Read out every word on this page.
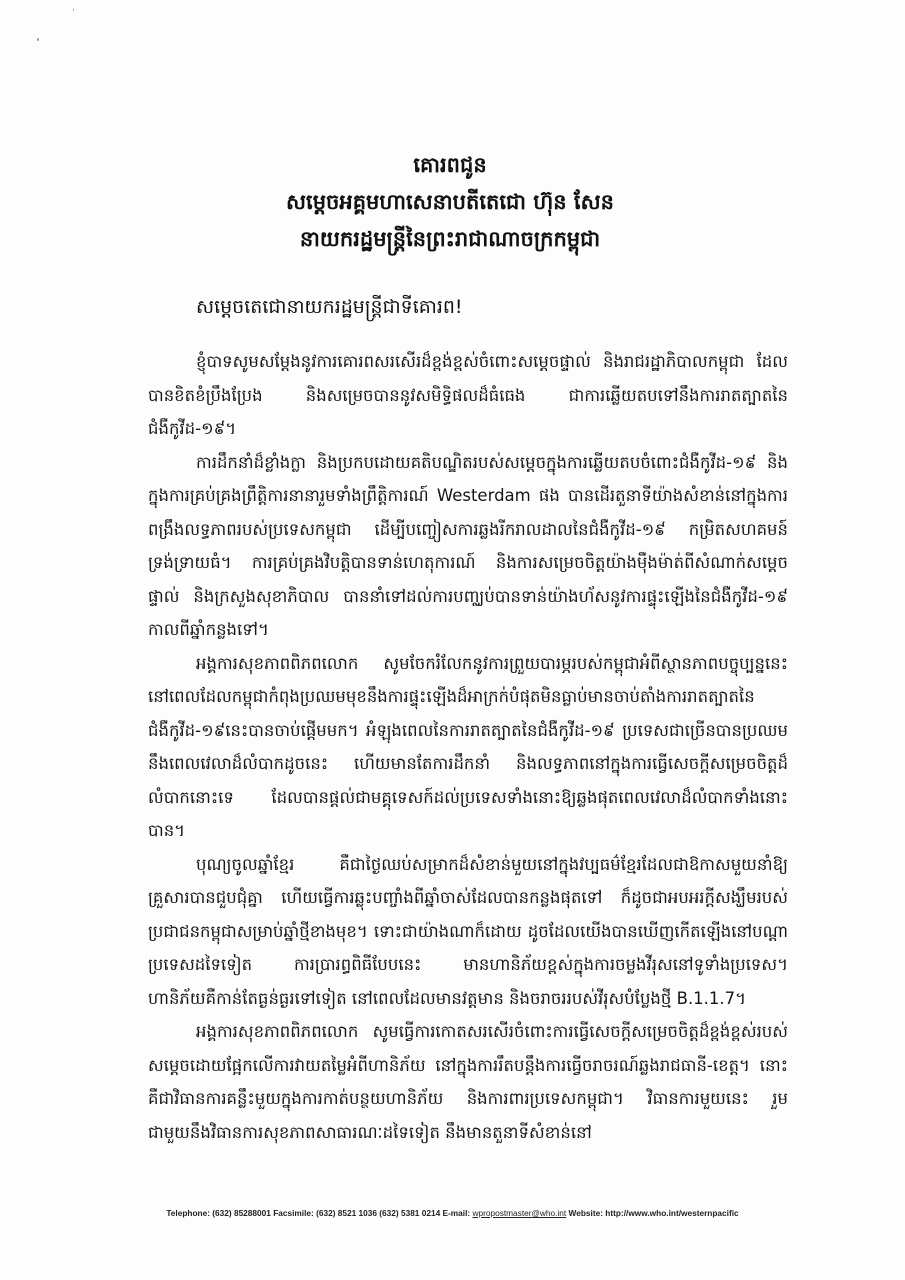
គោរពជូន
សម្តេចអគ្គមហាសេនាបតីតេជោ ហ៊ុន សែន
នាយករដ្ឋមន្ត្រីនៃព្រះរាជាណាចក្រកម្ពុជា
សម្តេចតេជោនាយករដ្ឋមន្ត្រីជាទីគោរព!

ខ្ញុំបាទសូមសម្តែងនូវការគោរពសរសើរដ៏ខ្ពង់ខ្ពស់ចំពោះសម្តេចផ្ទាល់ និងរាជរដ្ឋាភិបាលកម្ពុជា ដែលបានខិតខំប្រឹងប្រែង និងសម្រេចបាននូវសមិទ្ធិផលដ៏ធំធេង ជាការឆ្លើយតបទៅនឹងការរាតត្បាតនៃជំងឺកូវីដ-១៩។

ការដឹកនាំដ៏ខ្លាំងក្លា និងប្រកបដោយគតិបណ្ឌិតរបស់សម្តេចក្នុងការឆ្លើយតបចំពោះជំងឺកូវីដ-១៩ និងក្នុងការគ្រប់គ្រងព្រឹត្តិការនានារួមទាំងព្រឹត្តិការណ៍ Westerdam ផង បានដើរតួនាទីយ៉ាងសំខាន់នៅក្នុងការពង្រឹងលទ្ធភាពរបស់ប្រទេសកម្ពុជា ដើម្បីបញ្ចៀសការឆ្លងរីករាលដាលនៃជំងឺកូវីដ-១៩ កម្រិតសហគមន៍ទ្រង់ទ្រាយធំ។ ការគ្រប់គ្រងវិបត្តិបានទាន់ហេតុការណ៍ និងការសម្រេចចិត្តយ៉ាងម៉ឺងម៉ាត់ពីសំណាក់សម្តេចផ្ទាល់ និងក្រសួងសុខាភិបាល បាននាំទៅដល់ការបញ្ឈប់បានទាន់យ៉ាងហ័សនូវការផ្ទុះឡើងនៃជំងឺកូវីដ-១៩ កាលពីឆ្នាំកន្លងទៅ។

អង្គការសុខភាពពិភពលោក សូមចែករំលែកនូវការព្រួយបារម្ភរបស់កម្ពុជាអំពីស្ថានភាពបច្ចុប្បន្ននេះ នៅពេលដែលកម្ពុជាកំពុងប្រឈមមុខនឹងការផ្ទុះឡើងដ៏អាក្រក់បំផុតមិនធ្លាប់មានចាប់តាំងការរាតត្បាតនៃជំងឺកូវីដ-១៩នេះបានចាប់ផ្តើមមក។ អំឡុងពេលនៃការរាតត្បាតនៃជំងឺកូវីដ-១៩ ប្រទេសជាច្រើនបានប្រឈមនឹងពេលវេលាដ៏លំបាកដូចនេះ ហើយមានតែការដឹកនាំ និងលទ្ធភាពនៅក្នុងការធ្វើសេចក្តីសម្រេចចិត្តដ៏លំបាកនោះទេ ដែលបានផ្តល់ជាមគ្គុទេសក៍ដល់ប្រទេសទាំងនោះឱ្យឆ្លងផុតពេលវេលាដ៏លំបាកទាំងនោះបាន។

បុណ្យចូលឆ្នាំខ្មែរ គឺជាថ្ងៃឈប់សម្រាកដ៏សំខាន់មួយនៅក្នុងវប្បធម៌ខ្មែរដែលជាឱកាសមួយនាំឱ្យគ្រួសារបានជួបជុំគ្នា ហើយធ្វើការឆ្លុះបញ្ចាំងពីឆ្នាំចាស់ដែលបានកន្លងផុតទៅ ក៏ដូចជាអបអរក្តីសង្ឃឹមរបស់ប្រជាជនកម្ពុជាសម្រាប់ឆ្នាំថ្មីខាងមុខ។ ទោះជាយ៉ាងណាក៏ដោយ ដូចដែលយើងបានឃើញកើតឡើងនៅបណ្តាប្រទេសដទៃទៀត ការប្រារព្ធពិធីបែបនេះ មានហានិភ័យខ្ពស់ក្នុងការចម្លងវីរុសនៅទូទាំងប្រទេស។ ហានិភ័យគឺកាន់តែធ្ងន់ធ្ងរទៅទៀត នៅពេលដែលមានវត្តមាន និងចរាចររបស់វីរុសបំប្លែងថ្មី B.1.1.7។

អង្គការសុខភាពពិភពលោក សូមធ្វើការកោតសរសើរចំពោះការធ្វើសេចក្តីសម្រេចចិត្តដ៏ខ្ពង់ខ្ពស់របស់សម្តេចដោយផ្អែកលើការវាយតម្លៃអំពីហានិភ័យ នៅក្នុងការរឹតបន្តឹងការធ្វើចរាចរណ៍ឆ្លងរាជធានី-ខេត្ត។ នោះគឺជាវិធានការគន្លឹះមួយក្នុងការកាត់បន្ថយហានិភ័យ និងការពារប្រទេសកម្ពុជា។ វិធានការមួយនេះ រួមជាមួយនឹងវិធានការសុខភាពសាធារណៈដទៃទៀត នឹងមានតួនាទីសំខាន់នៅ

Telephone: (632) 85288001 Facsimile: (632) 8521 1036 (632) 5381 0214 E-mail: wpropostmaster@who.int Website: http://www.who.int/westernpacific
